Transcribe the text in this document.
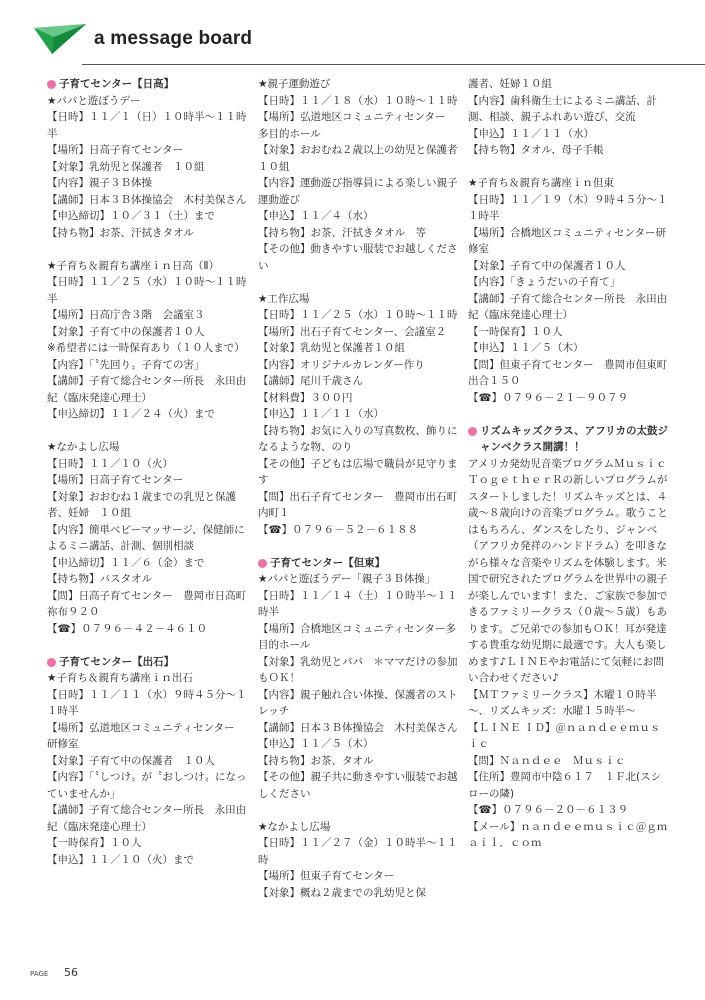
a message board
子育てセンター【日高】
★パパと遊ぼうデー
【日時】１１／１（日）１０時半～１１時半
【場所】日高子育てセンター
【対象】乳幼児と保護者　１０組
【内容】親子３Ｂ体操
【講師】日本３Ｂ体操協会　木村美保さん
【申込締切】１０／３１（土）まで
【持ち物】お茶、汗拭きタオル
★子育ち＆親育ち講座ｉｎ日高（Ⅱ）
【日時】１１／２５（水）１０時～１１時半
【場所】日高庁舎３階　会議室３
【対象】子育て中の保護者１０人
※希望者には一時保育あり（１０人まで）
【内容】「〝先回り〟子育ての害」
【講師】子育て総合センター所長　永田由紀（臨床発達心理士）
【申込締切】１１／２４（火）まで
★なかよし広場
【日時】１１／１０（火）
【場所】日高子育てセンター
【対象】おおむね１歳までの乳児と保護者、妊婦　１０組
【内容】簡単ベビーマッサージ、保健師によるミニ講話、計測、個別相談
【申込締切】１１／６（金）まで
【持ち物】バスタオル
【問】日高子育てセンター　豊岡市日高町祢布９２０
【☎】０７９６－４２－４６１０
子育てセンター【出石】
★子育ち＆親育ち講座ｉｎ出石
【日時】１１／１１（水）９時４５分～１１時半
【場所】弘道地区コミュニティセンター　研修室
【対象】子育て中の保護者　１０人
【内容】「〝しつけ〟が〝おしつけ〟になっていませんか」
【講師】子育て総合センター所長　永田由紀（臨床発達心理士）
【一時保育】１０人
【申込】１１／１０（火）まで
★親子運動遊び
【日時】１１／１８（水）１０時～１１時
【場所】弘道地区コミュニティセンター　多目的ホール
【対象】おおむね２歳以上の幼児と保護者　１０組
【内容】運動遊び指導員による楽しい親子運動遊び
【申込】１１／４（水）
【持ち物】お茶、汗拭きタオル　等
【その他】動きやすい服装でお越しください
★工作広場
【日時】１１／２５（水）１０時～１１時
【場所】出石子育てセンター、会議室２
【対象】乳幼児と保護者１０組
【内容】オリジナルカレンダー作り
【講師】尾川千歳さん
【材料費】３００円
【申込】１１／１１（水）
【持ち物】お気に入りの写真数枚、飾りになるような物、のり
【その他】子どもは広場で職員が見守ります
【問】出石子育てセンター　豊岡市出石町内町１
【☎】０７９６－５２－６１８８
子育てセンター【但東】
★パパと遊ぼうデー「親子３Ｂ体操」
【日時】１１／１４（土）１０時半～１１時半
【場所】合橋地区コミュニティセンター多目的ホール
【対象】乳幼児とパパ　＊ママだけの参加もＯＫ！
【内容】親子触れ合い体操、保護者のストレッチ
【講師】日本３Ｂ体操協会　木村美保さん
【申込】１１／５（木）
【持ち物】お茶、タオル
【その他】親子共に動きやすい服装でお越しください
★なかよし広場
【日時】１１／２７（金）１０時半～１１時
【場所】但東子育てセンター
【対象】概ね２歳までの乳幼児と保
護者、妊婦１０組
【内容】歯科衛生士によるミニ講話、計測、相談、親子ふれあい遊び、交流
【申込】１１／１１（水）
【持ち物】タオル、母子手帳
★子育ち＆親育ち講座ｉｎ但東
【日時】１１／１９（木）９時４５分～１１時半
【場所】合橋地区コミュニティセンター研修室
【対象】子育て中の保護者１０人
【内容】「きょうだいの子育て」
【講師】子育て総合センター所長　永田由紀（臨床発達心理士）
【一時保育】１０人
【申込】１１／５（木）
【問】但東子育てセンター　豊岡市但東町出合１５０
【☎】０７９６－２１－９０７９
リズムキッズクラス、アフリカの太鼓ジャンベクラス開講！！
アメリカ発幼児音楽プログラムＭｕｓｉｃ　ＴｏｇｅｔｈｅｒＲの新しいプログラムがスタートしました！リズムキッズとは、４歳～８歳向けの音楽プログラム。歌うことはもちろん、ダンスをしたり、ジャンベ（アフリカ発祥のハンドドラム）を叩きながら様々な音楽やリズムを体験します。米国で研究されたプログラムを世界中の親子が楽しんでいます！また、ご家族で参加できるファミリークラス（０歳～５歳）もあります。ご兄弟での参加もＯＫ！耳が発達する貴重な幼児期に最適です。大人も楽しめます♪ＬＩＮＥやお電話にて気軽にお問い合わせください♪
【ＭＴファミリークラス】木曜１０時半～、リズムキッズ：水曜１５時半～
【ＬＩＮＥ ＩＤ】＠ｎａｎｄｅｅｍｕｓｉｃ
【問】Ｎａｎｄｅｅ　Ｍｕｓｉｃ
【住所】豊岡市中陰６１７　１Ｆ北(スシローの隣)
【☎】０７９６－２０－６１３９
【メール】ｎａｎｄｅｅｍｕｓｉｃ＠ｇｍａｉｌ．ｃｏｍ
PAGE 56
